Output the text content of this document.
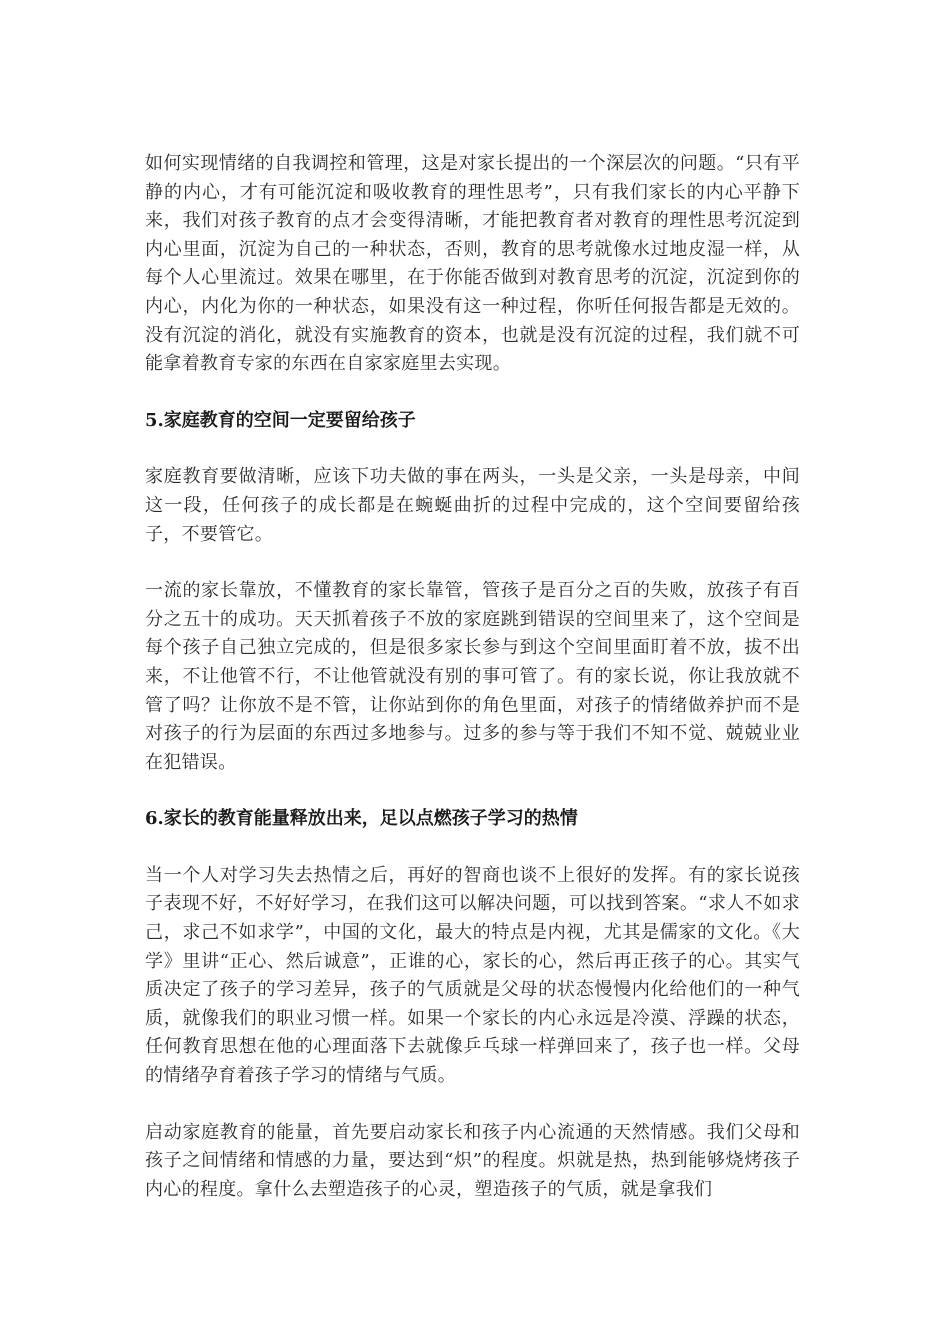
如何实现情绪的自我调控和管理，这是对家长提出的一个深层次的问题。“只有平静的内心，才有可能沉淀和吸收教育的理性思考”，只有我们家长的内心平静下来，我们对孩子教育的点才会变得清晰，才能把教育者对教育的理性思考沉淀到内心里面，沉淀为自己的一种状态，否则，教育的思考就像水过地皮湿一样，从每个人心里流过。效果在哪里，在于你能否做到对教育思考的沉淀，沉淀到你的内心，内化为你的一种状态，如果没有这一种过程，你听任何报告都是无效的。没有沉淀的消化，就没有实施教育的资本，也就是没有沉淀的过程，我们就不可能拿着教育专家的东西在自家家庭里去实现。

5.家庭教育的空间一定要留给孩子

家庭教育要做清晰，应该下功夫做的事在两头，一头是父亲，一头是母亲，中间这一段，任何孩子的成长都是在蜿蜒曲折的过程中完成的，这个空间要留给孩子，不要管它。

一流的家长靠放，不懂教育的家长靠管，管孩子是百分之百的失败，放孩子有百分之五十的成功。天天抓着孩子不放的家庭跳到错误的空间里来了，这个空间是每个孩子自己独立完成的，但是很多家长参与到这个空间里面盯着不放，拔不出来，不让他管不行，不让他管就没有别的事可管了。有的家长说，你让我放就不管了吗？让你放不是不管，让你站到你的角色里面，对孩子的情绪做养护而不是对孩子的行为层面的东西过多地参与。过多的参与等于我们不知不觉、兢兢业业在犯错误。

6.家长的教育能量释放出来，足以点燃孩子学习的热情

当一个人对学习失去热情之后，再好的智商也谈不上很好的发挥。有的家长说孩子表现不好，不好好学习，在我们这可以解决问题，可以找到答案。“求人不如求己，求己不如求学”，中国的文化，最大的特点是内视，尤其是儒家的文化。《大学》里讲“正心、然后诚意”，正谁的心，家长的心，然后再正孩子的心。其实气质决定了孩子的学习差异，孩子的气质就是父母的状态慢慢内化给他们的一种气质，就像我们的职业习惯一样。如果一个家长的内心永远是冷漠、浮躁的状态，任何教育思想在他的心理面落下去就像乒乓球一样弹回来了，孩子也一样。父母的情绪孕育着孩子学习的情绪与气质。

启动家庭教育的能量，首先要启动家长和孩子内心流通的天然情感。我们父母和孩子之间情绪和情感的力量，要达到“炽”的程度。炽就是热，热到能够烧烤孩子内心的程度。拿什么去塑造孩子的心灵，塑造孩子的气质，就是拿我们
